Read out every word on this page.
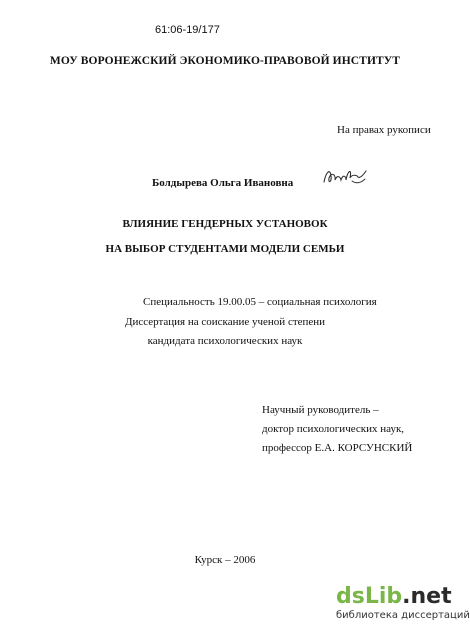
61:06-19/177
МОУ ВОРОНЕЖСКИЙ ЭКОНОМИКО-ПРАВОВОЙ ИНСТИТУТ
На правах рукописи
Болдырева Ольга Ивановна
ВЛИЯНИЕ ГЕНДЕРНЫХ УСТАНОВОК
НА ВЫБОР СТУДЕНТАМИ МОДЕЛИ СЕМЬИ
Специальность 19.00.05 – социальная психология
Диссертация на соискание ученой степени
кандидата психологических наук
Научный руководитель –
доктор психологических наук,
профессор Е.А. КОРСУНСКИЙ
Курск – 2006
dsLib.net
библиотека диссертаций
